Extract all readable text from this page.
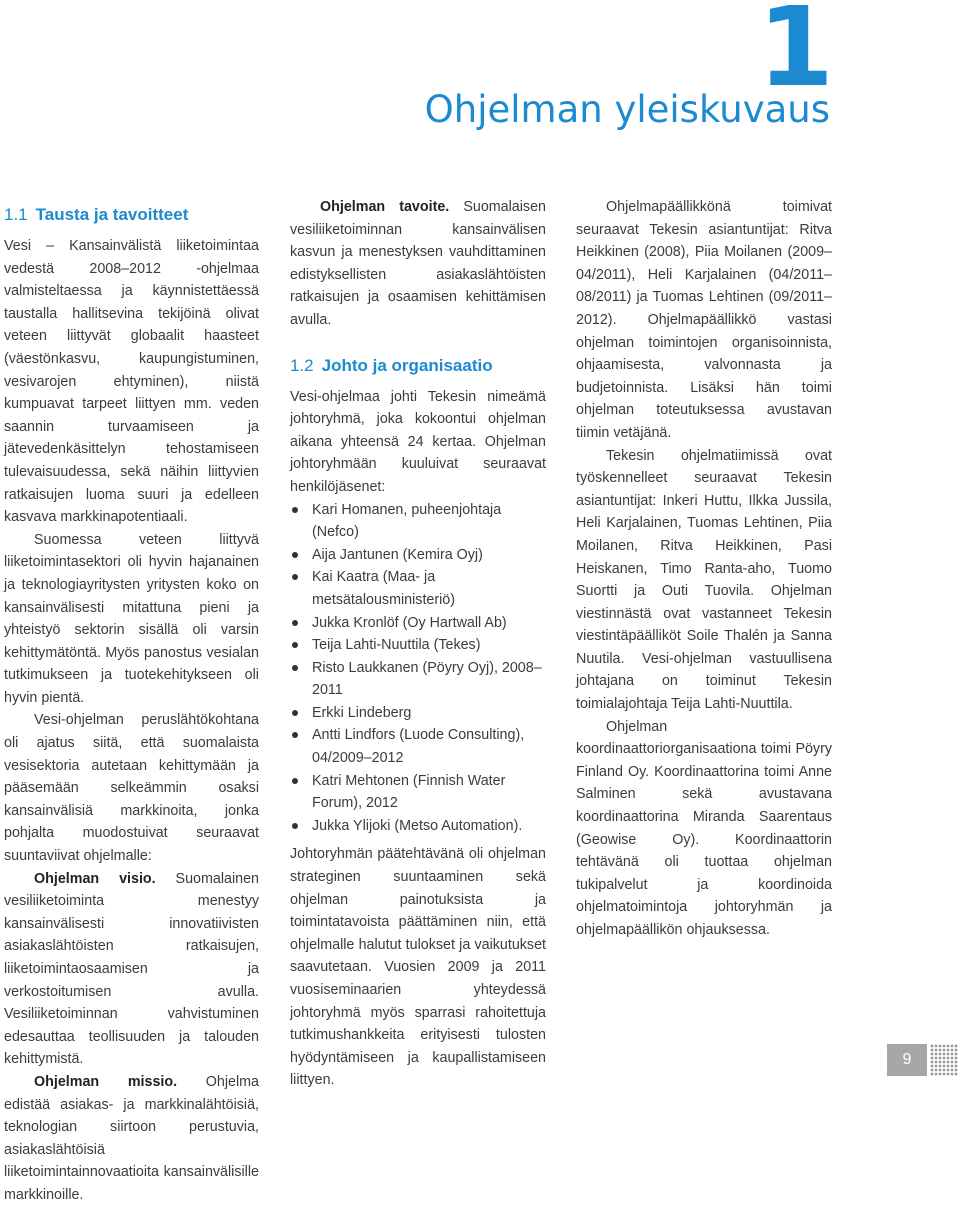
1
Ohjelman yleiskuvaus
1.1 Tausta ja tavoitteet

Vesi – Kansainvälistä liiketoimintaa vedestä 2008–2012 -ohjelmaa valmisteltaessa ja käynnistettäessä taustalla hallitsevina tekijöinä olivat veteen liittyvät globaalit haasteet (väestönkasvu, kaupungistuminen, vesivarojen ehtyminen), niistä kumpuavat tarpeet liittyen mm. veden saannin turvaamiseen ja jätevedenkäsittelyn tehostamiseen tulevaisuudessa, sekä näihin liittyvien ratkaisujen luoma suuri ja edelleen kasvava markkinapotentiaali.

Suomessa veteen liittyvä liiketoimintasektori oli hyvin hajanainen ja teknologiayritysten yritysten koko on kansainvälisesti mitattuna pieni ja yhteistyö sektorin sisällä oli varsin kehittymätöntä. Myös panostus vesialan tutkimukseen ja tuotekehitykseen oli hyvin pientä.

Vesi-ohjelman peruslähtökohtana oli ajatus siitä, että suomalaista vesisektoria autetaan kehittymään ja pääsemään selkeämmin osaksi kansainvälisiä markkinoita, jonka pohjalta muodostuivat seuraavat suuntaviivat ohjelmalle:

Ohjelman visio. Suomalainen vesiliiketoiminta menestyy kansainvälisesti innovatiivisten asiakaslähtöisten ratkaisujen, liiketoimintaosaamisen ja verkostoitumisen avulla. Vesiliiketoiminnan vahvistuminen edesauttaa teollisuuden ja talouden kehittymistä.

Ohjelman missio. Ohjelma edistää asiakas- ja markkinalähtöisiä, teknologian siirtoon perustuvia, asiakaslähtöisiä liiketoimintainnovaatioita kansainvälisille markkinoille.

Ohjelman tavoite. Suomalaisen vesiliiketoiminnan kansainvälisen kasvun ja menestyksen vauhdittaminen edistyksellisten asiakaslähtöisten ratkaisujen ja osaamisen kehittämisen avulla.

1.2 Johto ja organisaatio

Vesi-ohjelmaa johti Tekesin nimeämä johtoryhmä, joka kokoontui ohjelman aikana yhteensä 24 kertaa. Ohjelman johtoryhmään kuuluivat seuraavat henkilöjäsenet:

Kari Homanen, puheenjohtaja (Nefco)
Aija Jantunen (Kemira Oyj)
Kai Kaatra (Maa- ja metsätalousministeriö)
Jukka Kronlöf (Oy Hartwall Ab)
Teija Lahti-Nuuttila (Tekes)
Risto Laukkanen (Pöyry Oyj), 2008–2011
Erkki Lindeberg
Antti Lindfors (Luode Consulting), 04/2009–2012
Katri Mehtonen (Finnish Water Forum), 2012
Jukka Ylijoki (Metso Automation).

Johtoryhmän päätehtävänä oli ohjelman strateginen suuntaaminen sekä ohjelman painotuksista ja toimintatavoista päättäminen niin, että ohjelmalle halutut tulokset ja vaikutukset saavutetaan. Vuosien 2009 ja 2011 vuosiseminaarien yhteydessä johtoryhmä myös sparrasi rahoitettuja tutkimushankkeita erityisesti tulosten hyödyntämiseen ja kaupallistamiseen liittyen.

Ohjelmapäällikkönä toimivat seuraavat Tekesin asiantuntijat: Ritva Heikkinen (2008), Piia Moilanen (2009–04/2011), Heli Karjalainen (04/2011–08/2011) ja Tuomas Lehtinen (09/2011–2012). Ohjelmapäällikkö vastasi ohjelman toimintojen organisoinnista, ohjaamisesta, valvonnasta ja budjetoinnista. Lisäksi hän toimi ohjelman toteutuksessa avustavan tiimin vetäjänä.

Tekesin ohjelmatiimissä ovat työskennelleet seuraavat Tekesin asiantuntijat: Inkeri Huttu, Ilkka Jussila, Heli Karjalainen, Tuomas Lehtinen, Piia Moilanen, Ritva Heikkinen, Pasi Heiskanen, Timo Ranta-aho, Tuomo Suortti ja Outi Tuovila. Ohjelman viestinnästä ovat vastanneet Tekesin viestintäpäälliköt Soile Thalén ja Sanna Nuutila. Vesi-ohjelman vastuullisena johtajana on toiminut Tekesin toimialajohtaja Teija Lahti-Nuuttila.

Ohjelman koordinaattoriorganisaationa toimi Pöyry Finland Oy. Koordinaattorina toimi Anne Salminen sekä avustavana koordinaattorina Miranda Saarentaus (Geowise Oy). Koordinaattorin tehtävänä oli tuottaa ohjelman tukipalvelut ja koordinoida ohjelmatoimintoja johtoryhmän ja ohjelmapäällikön ohjauksessa.

9
